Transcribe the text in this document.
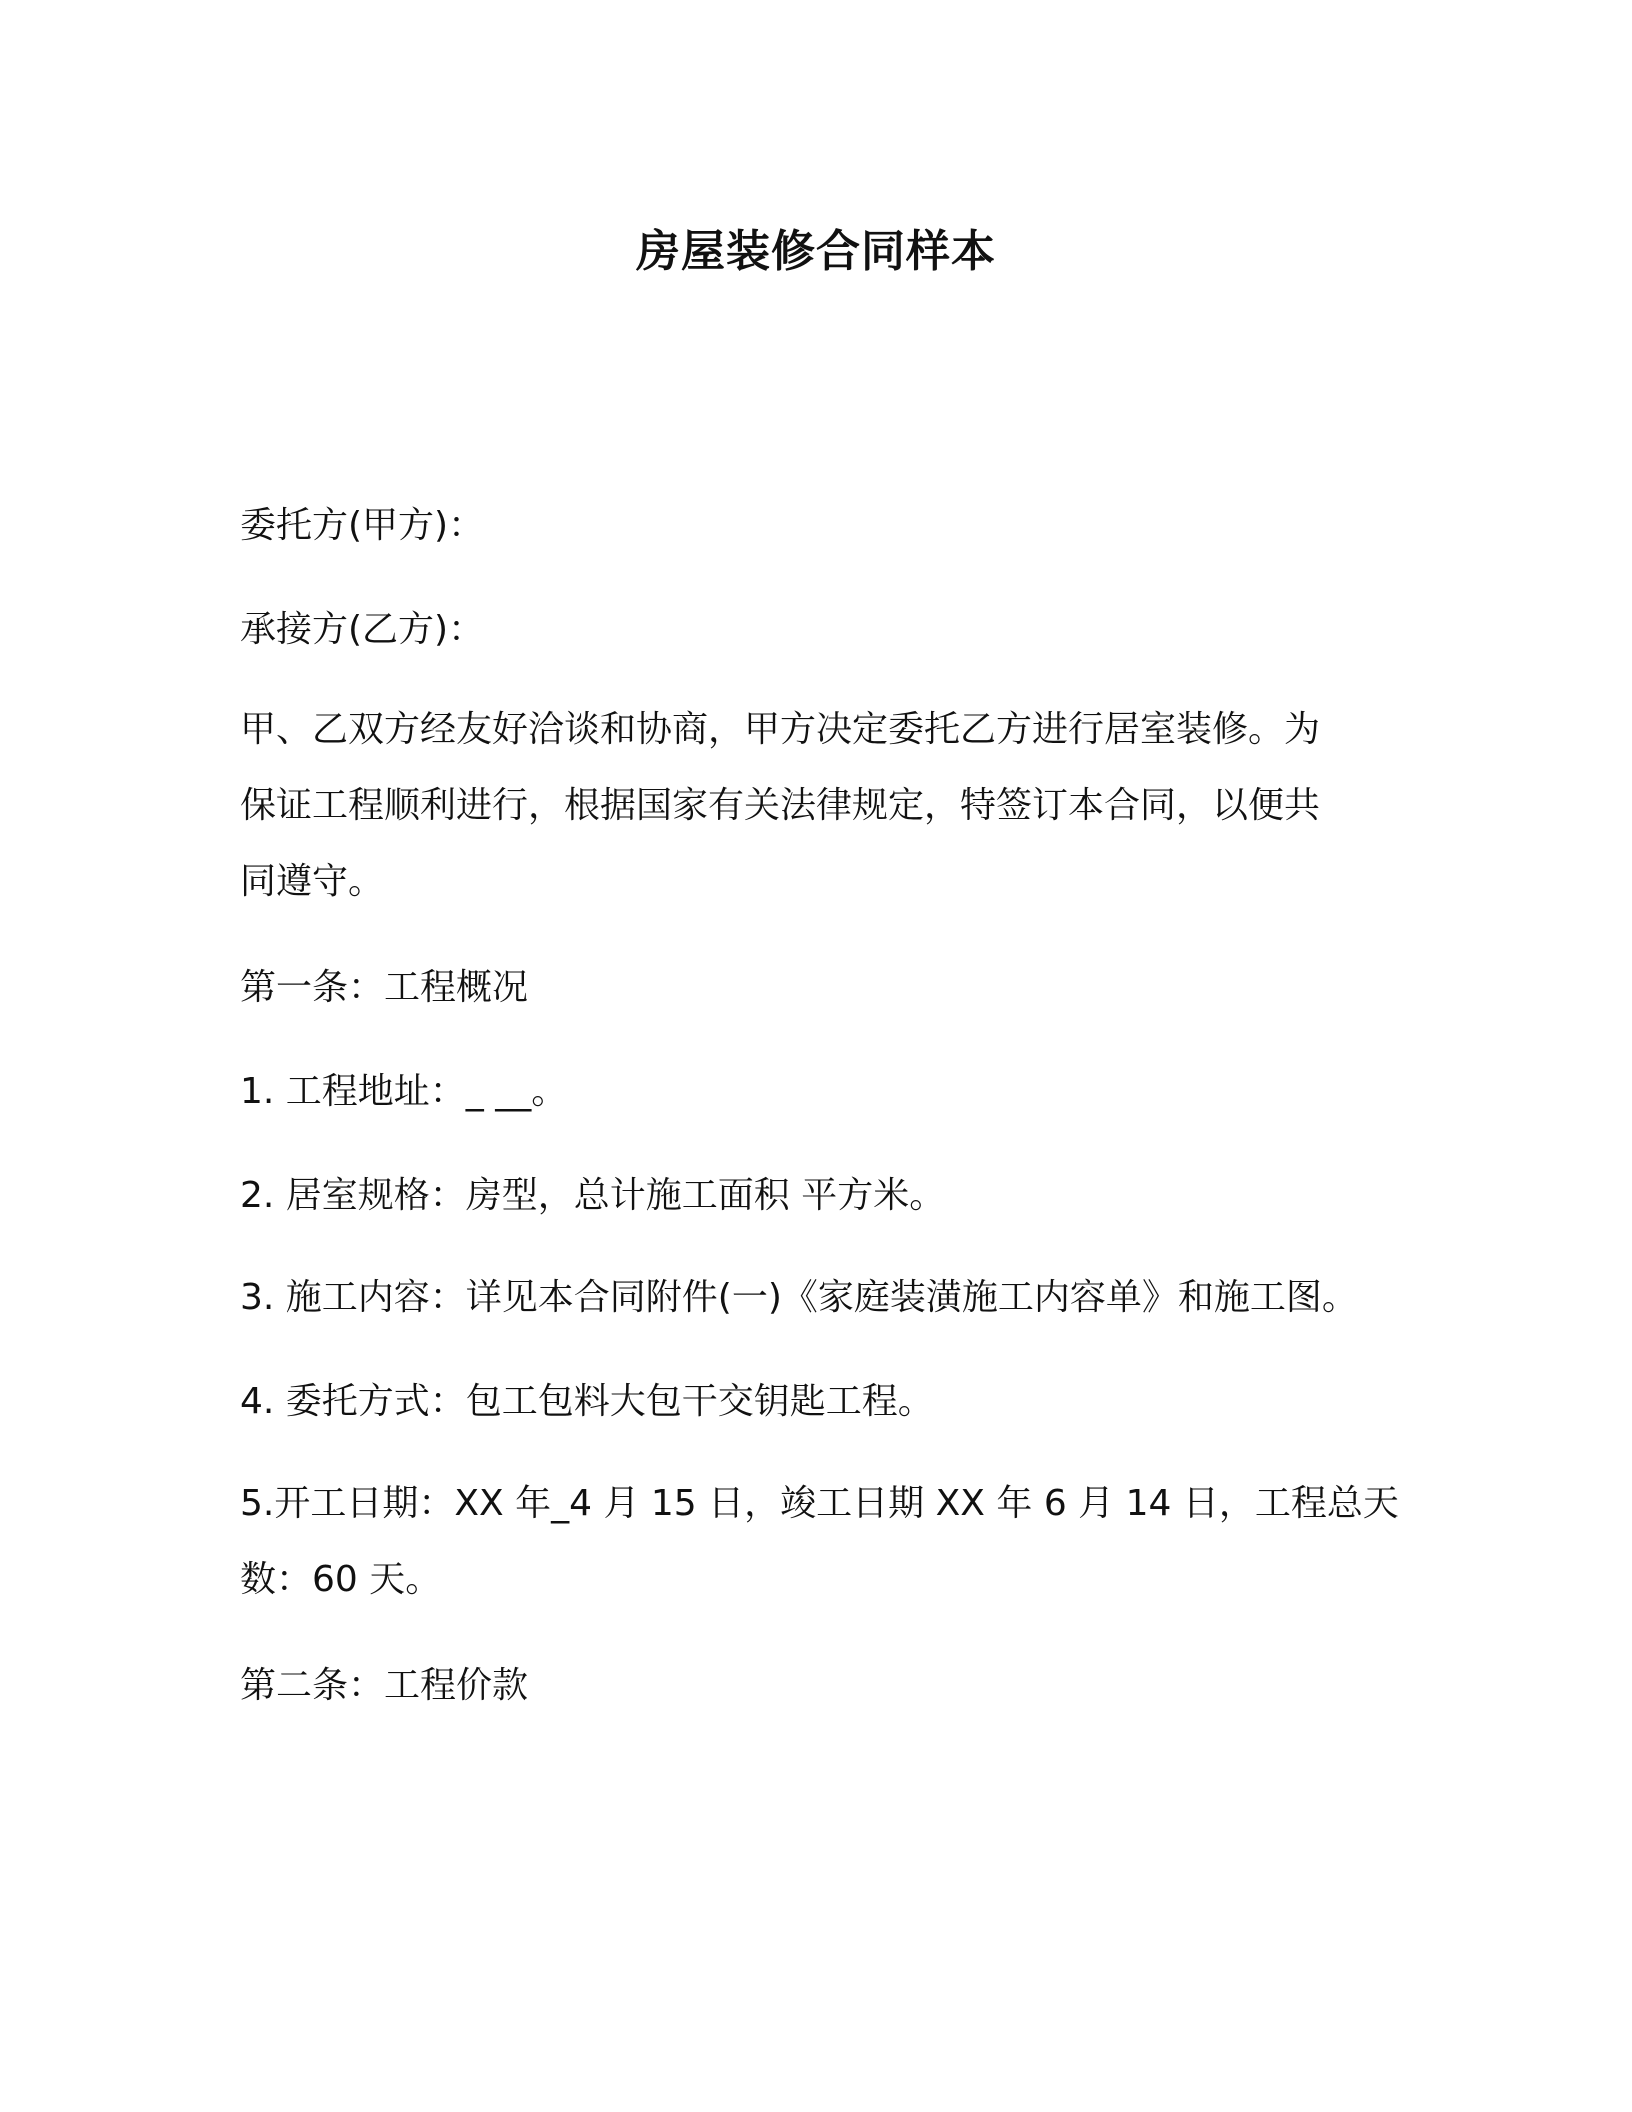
房屋装修合同样本
委托方(甲方)：
承接方(乙方)：
甲、乙双方经友好洽谈和协商，甲方决定委托乙方进行居室装修。为
保证工程顺利进行，根据国家有关法律规定，特签订本合同，以便共
同遵守。
第一条：工程概况
1. 工程地址：_ __。
2. 居室规格：房型，总计施工面积 平方米。
3. 施工内容：详见本合同附件(一)《家庭装潢施工内容单》和施工图。
4. 委托方式：包工包料大包干交钥匙工程。
5.开工日期：XX 年_4 月 15 日，竣工日期 XX 年 6 月 14 日，工程总天
数：60 天。
第二条：工程价款
